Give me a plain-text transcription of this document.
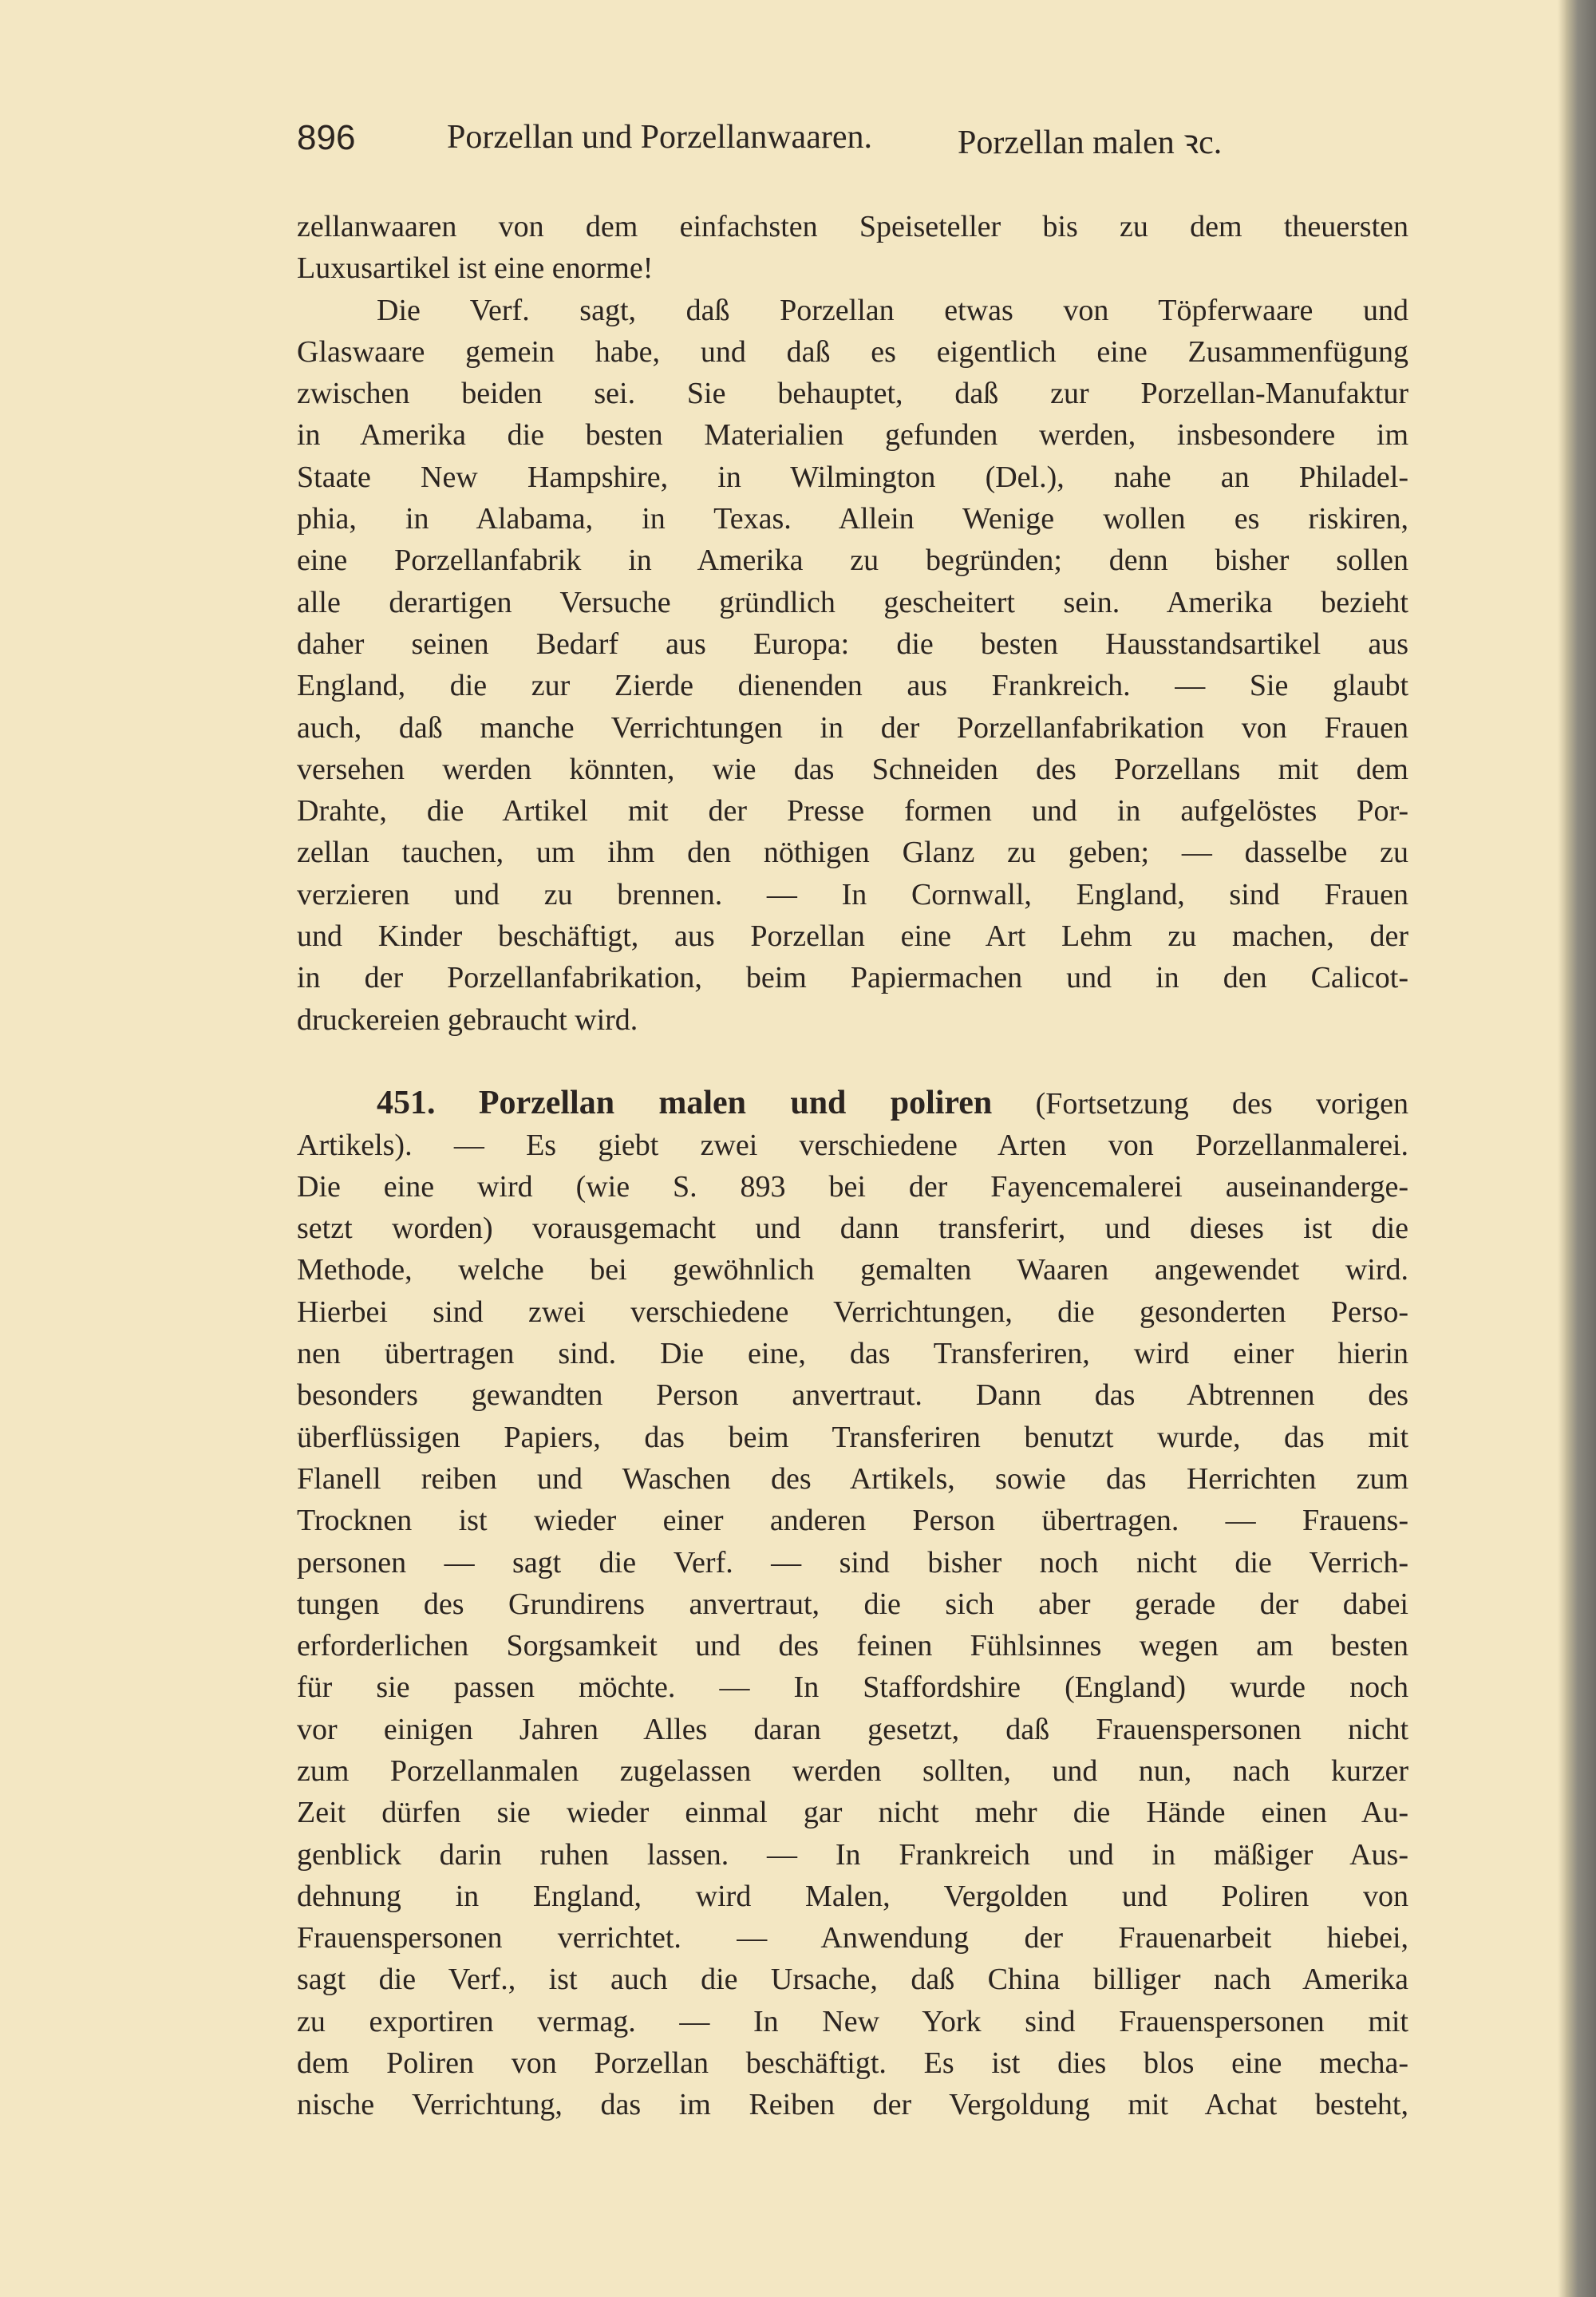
896	Porzellan und Porzellanwaaren.	Porzellan malen ꝛc.
zellanwaaren von dem einfachsten Speiseteller bis zu dem theuersten
Luxusartikel ist eine enorme!
Die Verf. sagt, daß Porzellan etwas von Töpferwaare und
Glaswaare gemein habe, und daß es eigentlich eine Zusammenfügung
zwischen beiden sei. Sie behauptet, daß zur Porzellan-Manufaktur
in Amerika die besten Materialien gefunden werden, insbesondere im
Staate New Hampshire, in Wilmington (Del.), nahe an Philadel-
phia, in Alabama, in Texas. Allein Wenige wollen es riskiren,
eine Porzellanfabrik in Amerika zu begründen; denn bisher sollen
alle derartigen Versuche gründlich gescheitert sein. Amerika bezieht
daher seinen Bedarf aus Europa: die besten Hausstandsartikel aus
England, die zur Zierde dienenden aus Frankreich. — Sie glaubt
auch, daß manche Verrichtungen in der Porzellanfabrikation von Frauen
versehen werden könnten, wie das Schneiden des Porzellans mit dem
Drahte, die Artikel mit der Presse formen und in aufgelöstes Por-
zellan tauchen, um ihm den nöthigen Glanz zu geben; — dasselbe zu
verzieren und zu brennen. — In Cornwall, England, sind Frauen
und Kinder beschäftigt, aus Porzellan eine Art Lehm zu machen, der
in der Porzellanfabrikation, beim Papiermachen und in den Calicot-
druckereien gebraucht wird.
451. Porzellan malen und poliren (Fortsetzung des vorigen
Artikels). — Es giebt zwei verschiedene Arten von Porzellanmalerei.
Die eine wird (wie S. 893 bei der Fayencemalerei auseinanderge-
setzt worden) vorausgemacht und dann transferirt, und dieses ist die
Methode, welche bei gewöhnlich gemalten Waaren angewendet wird.
Hierbei sind zwei verschiedene Verrichtungen, die gesonderten Perso-
nen übertragen sind. Die eine, das Transferiren, wird einer hierin
besonders gewandten Person anvertraut. Dann das Abtrennen des
überflüssigen Papiers, das beim Transferiren benutzt wurde, das mit
Flanell reiben und Waschen des Artikels, sowie das Herrichten zum
Trocknen ist wieder einer anderen Person übertragen. — Frauens-
personen — sagt die Verf. — sind bisher noch nicht die Verrich-
tungen des Grundirens anvertraut, die sich aber gerade der dabei
erforderlichen Sorgsamkeit und des feinen Fühlsinnes wegen am besten
für sie passen möchte. — In Staffordshire (England) wurde noch
vor einigen Jahren Alles daran gesetzt, daß Frauenspersonen nicht
zum Porzellanmalen zugelassen werden sollten, und nun, nach kurzer
Zeit dürfen sie wieder einmal gar nicht mehr die Hände einen Au-
genblick darin ruhen lassen. — In Frankreich und in mäßiger Aus-
dehnung in England, wird Malen, Vergolden und Poliren von
Frauenspersonen verrichtet. — Anwendung der Frauenarbeit hiebei,
sagt die Verf., ist auch die Ursache, daß China billiger nach Amerika
zu exportiren vermag. — In New York sind Frauenspersonen mit
dem Poliren von Porzellan beschäftigt. Es ist dies blos eine mecha-
nische Verrichtung, das im Reiben der Vergoldung mit Achat besteht,
